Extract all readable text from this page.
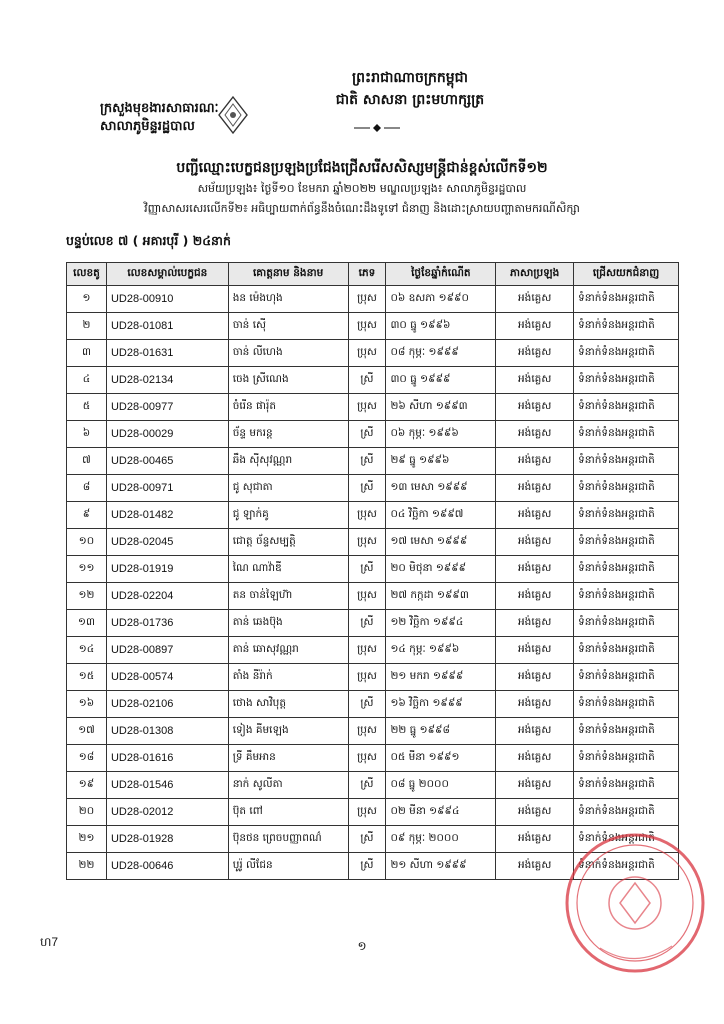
ព្រះរាជាណាចក្រកម្ពុជា
ជាតិ សាសនា ព្រះមហាក្សត្រ
ក្រសួងមុខងារសាធារណៈ
សាលាភូមិន្ទរដ្ឋបាល
បញ្ជីឈ្មោះបេក្ខជនប្រឡងប្រជែងជ្រើសរើសសិស្សមន្ត្រីជាន់ខ្ពស់លើកទី១២
សម័យប្រឡង៖ ថ្ងៃទី១០ ខែមករា ឆ្នាំ២០២២ មណ្ឌលប្រឡង៖ សាលាភូមិន្ទរដ្ឋបាល
វិញ្ញាសាសរសេរលើកទី២៖ អធិប្បាយពាក់ព័ន្ធនឹងចំណេះដឹងទូទៅ ជំនាញ និងដោះស្រាយបញ្ហាតាមករណីសិក្សា
បន្ទប់លេខ ៧ ( អគារបុរី ) ២៤នាក់
លេខតូ	លេខសម្គាល់បេក្ខជន	គោត្តនាម និងនាម	ភេទ	ថ្ងៃខែឆ្នាំកំណើត	ភាសាប្រឡង	ជ្រើសយកជំនាញ
១	UD28-00910	ងន ម៉េងហុង	ប្រុស	០៦ ឧសភា ១៩៩០	អង់គ្លេស	ទំនាក់ទំនងអន្តរជាតិ
២	UD28-01081	ចាន់ ស៊ើ	ប្រុស	៣០ ធ្នូ ១៩៩៦	អង់គ្លេស	ទំនាក់ទំនងអន្តរជាតិ
៣	UD28-01631	ចាន់ លីហេង	ប្រុស	០៨ កុម្ភៈ ១៩៩៩	អង់គ្លេស	ទំនាក់ទំនងអន្តរជាតិ
៤	UD28-02134	ចេង ស្រីណេង	ស្រី	៣០ ធ្នូ ១៩៩៩	អង់គ្លេស	ទំនាក់ទំនងអន្តរជាតិ
៥	UD28-00977	ចំរើន ផារ៉ុត	ប្រុស	២៦ សីហា ១៩៩៣	អង់គ្លេស	ទំនាក់ទំនងអន្តរជាតិ
៦	UD28-00029	ច័ន្ទ មករន្ត	ស្រី	០៦ កុម្ភៈ ១៩៩៦	អង់គ្លេស	ទំនាក់ទំនងអន្តរជាតិ
៧	UD28-00465	ឆឹង ស៊ីសុវណ្ណរា	ស្រី	២៩ ធ្នូ ១៩៩៦	អង់គ្លេស	ទំនាក់ទំនងអន្តរជាតិ
៨	UD28-00971	ជូ សុជាតា	ស្រី	១៣ មេសា ១៩៩៩	អង់គ្លេស	ទំនាក់ទំនងអន្តរជាតិ
៩	UD28-01482	ជូ ឡាក់គូ	ប្រុស	០៤ វិច្ឆិកា ១៩៩៧	អង់គ្លេស	ទំនាក់ទំនងអន្តរជាតិ
១០	UD28-02045	ជោត្ត ច័ន្ទសម្បត្តិ	ប្រុស	១៧ មេសា ១៩៩៩	អង់គ្លេស	ទំនាក់ទំនងអន្តរជាតិ
១១	UD28-01919	ណៃ ណាវ៉ាឌី	ស្រី	២០ មិថុនា ១៩៩៩	អង់គ្លេស	ទំនាក់ទំនងអន្តរជាតិ
១២	UD28-02204	តន ចាន់ឡៃហ៊ា	ប្រុស	២៧ កក្កដា ១៩៩៣	អង់គ្លេស	ទំនាក់ទំនងអន្តរជាតិ
១៣	UD28-01736	តាន់ ឆេងប៊ុង	ស្រី	១២ វិច្ឆិកា ១៩៩៤	អង់គ្លេស	ទំនាក់ទំនងអន្តរជាតិ
១៤	UD28-00897	តាន់ ឆោសុវណ្ណរា	ប្រុស	១៤ កុម្ភៈ ១៩៩៦	អង់គ្លេស	ទំនាក់ទំនងអន្តរជាតិ
១៥	UD28-00574	តាំង នីរ៉ាក់	ប្រុស	២១ មករា ១៩៩៩	អង់គ្លេស	ទំនាក់ទំនងអន្តរជាតិ
១៦	UD28-02106	ថោង សាវិបុត្ត	ស្រី	១៦ វិច្ឆិកា ១៩៩៩	អង់គ្លេស	ទំនាក់ទំនងអន្តរជាតិ
១៧	UD28-01308	ទៀង គីមឡេង	ប្រុស	២២ ធ្នូ ១៩៩៨	អង់គ្លេស	ទំនាក់ទំនងអន្តរជាតិ
១៨	UD28-01616	ទ្រី គឹមអាន	ប្រុស	០៥ មីនា ១៩៩១	អង់គ្លេស	ទំនាក់ទំនងអន្តរជាតិ
១៩	UD28-01546	នាក់ សូលីតា	ស្រី	០៨ ធ្នូ ២០០០	អង់គ្លេស	ទំនាក់ទំនងអន្តរជាតិ
២០	UD28-02012	ប៊ុត ពៅ	ប្រុស	០២ មីនា ១៩៩៤	អង់គ្លេស	ទំនាក់ទំនងអន្តរជាតិ
២១	UD28-01928	ប៊ុនថន ព្រេចបញ្ញាពណ៌	ស្រី	០៩ កុម្ភៈ ២០០០	អង់គ្លេស	ទំនាក់ទំនងអន្តរជាតិ
២២	UD28-00646	បូរ៉ូ លីជែន	ស្រី	២១ សីហា ១៩៩៩	អង់គ្លេស	ទំនាក់ទំនងអន្តរជាតិ
ហ7	១
